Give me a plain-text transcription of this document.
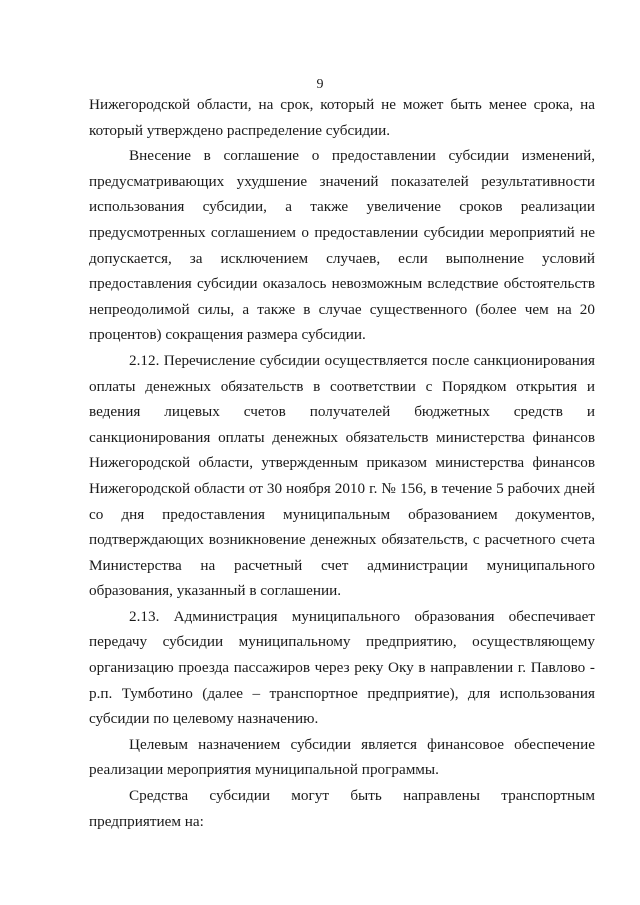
9

Нижегородской области, на срок, который не может быть менее срока, на который утверждено распределение субсидии.

Внесение в соглашение о предоставлении субсидии изменений, предусматривающих ухудшение значений показателей результативности использования субсидии, а также увеличение сроков реализации предусмотренных соглашением о предоставлении субсидии мероприятий не допускается, за исключением случаев, если выполнение условий предоставления субсидии оказалось невозможным вследствие обстоятельств непреодолимой силы, а также в случае существенного (более чем на 20 процентов) сокращения размера субсидии.

2.12. Перечисление субсидии осуществляется после санкционирования оплаты денежных обязательств в соответствии с Порядком открытия и ведения лицевых счетов получателей бюджетных средств и санкционирования оплаты денежных обязательств министерства финансов Нижегородской области, утвержденным приказом министерства финансов Нижегородской области от 30 ноября 2010 г. № 156, в течение 5 рабочих дней со дня предоставления муниципальным образованием документов, подтверждающих возникновение денежных обязательств, с расчетного счета Министерства на расчетный счет администрации муниципального образования, указанный в соглашении.

2.13. Администрация муниципального образования обеспечивает передачу субсидии муниципальному предприятию, осуществляющему организацию проезда пассажиров через реку Оку в направлении г. Павлово - р.п. Тумботино (далее – транспортное предприятие), для использования субсидии по целевому назначению.

Целевым назначением субсидии является финансовое обеспечение реализации мероприятия муниципальной программы.

Средства субсидии могут быть направлены транспортным предприятием на:
